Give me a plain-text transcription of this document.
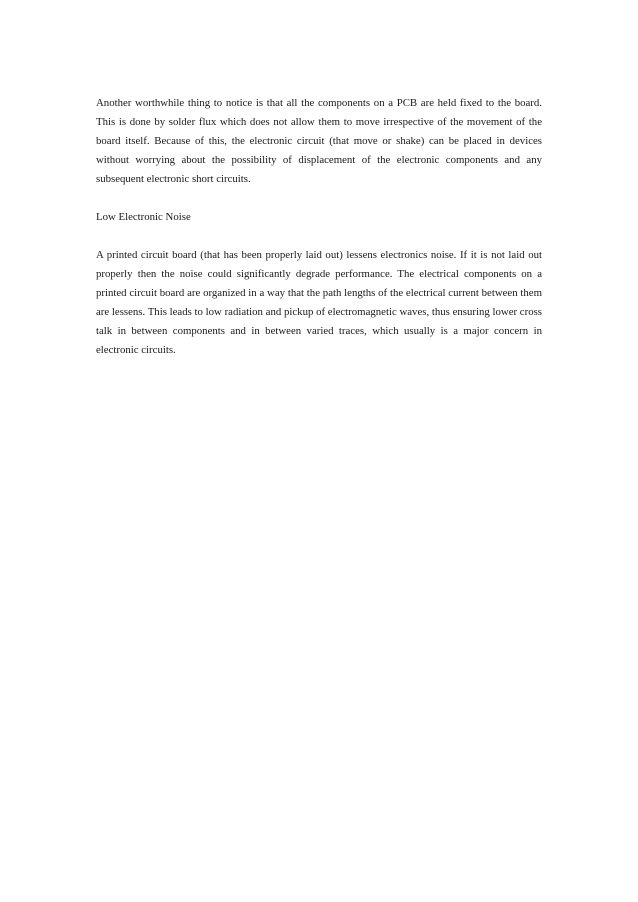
Another worthwhile thing to notice is that all the components on a PCB are held fixed to the board. This is done by solder flux which does not allow them to move irrespective of the movement of the board itself. Because of this, the electronic circuit (that move or shake) can be placed in devices without worrying about the possibility of displacement of the electronic components and any subsequent electronic short circuits.

Low Electronic Noise

A printed circuit board (that has been properly laid out) lessens electronics noise. If it is not laid out properly then the noise could significantly degrade performance. The electrical components on a printed circuit board are organized in a way that the path lengths of the electrical current between them are lessens. This leads to low radiation and pickup of electromagnetic waves, thus ensuring lower cross talk in between components and in between varied traces, which usually is a major concern in electronic circuits.
